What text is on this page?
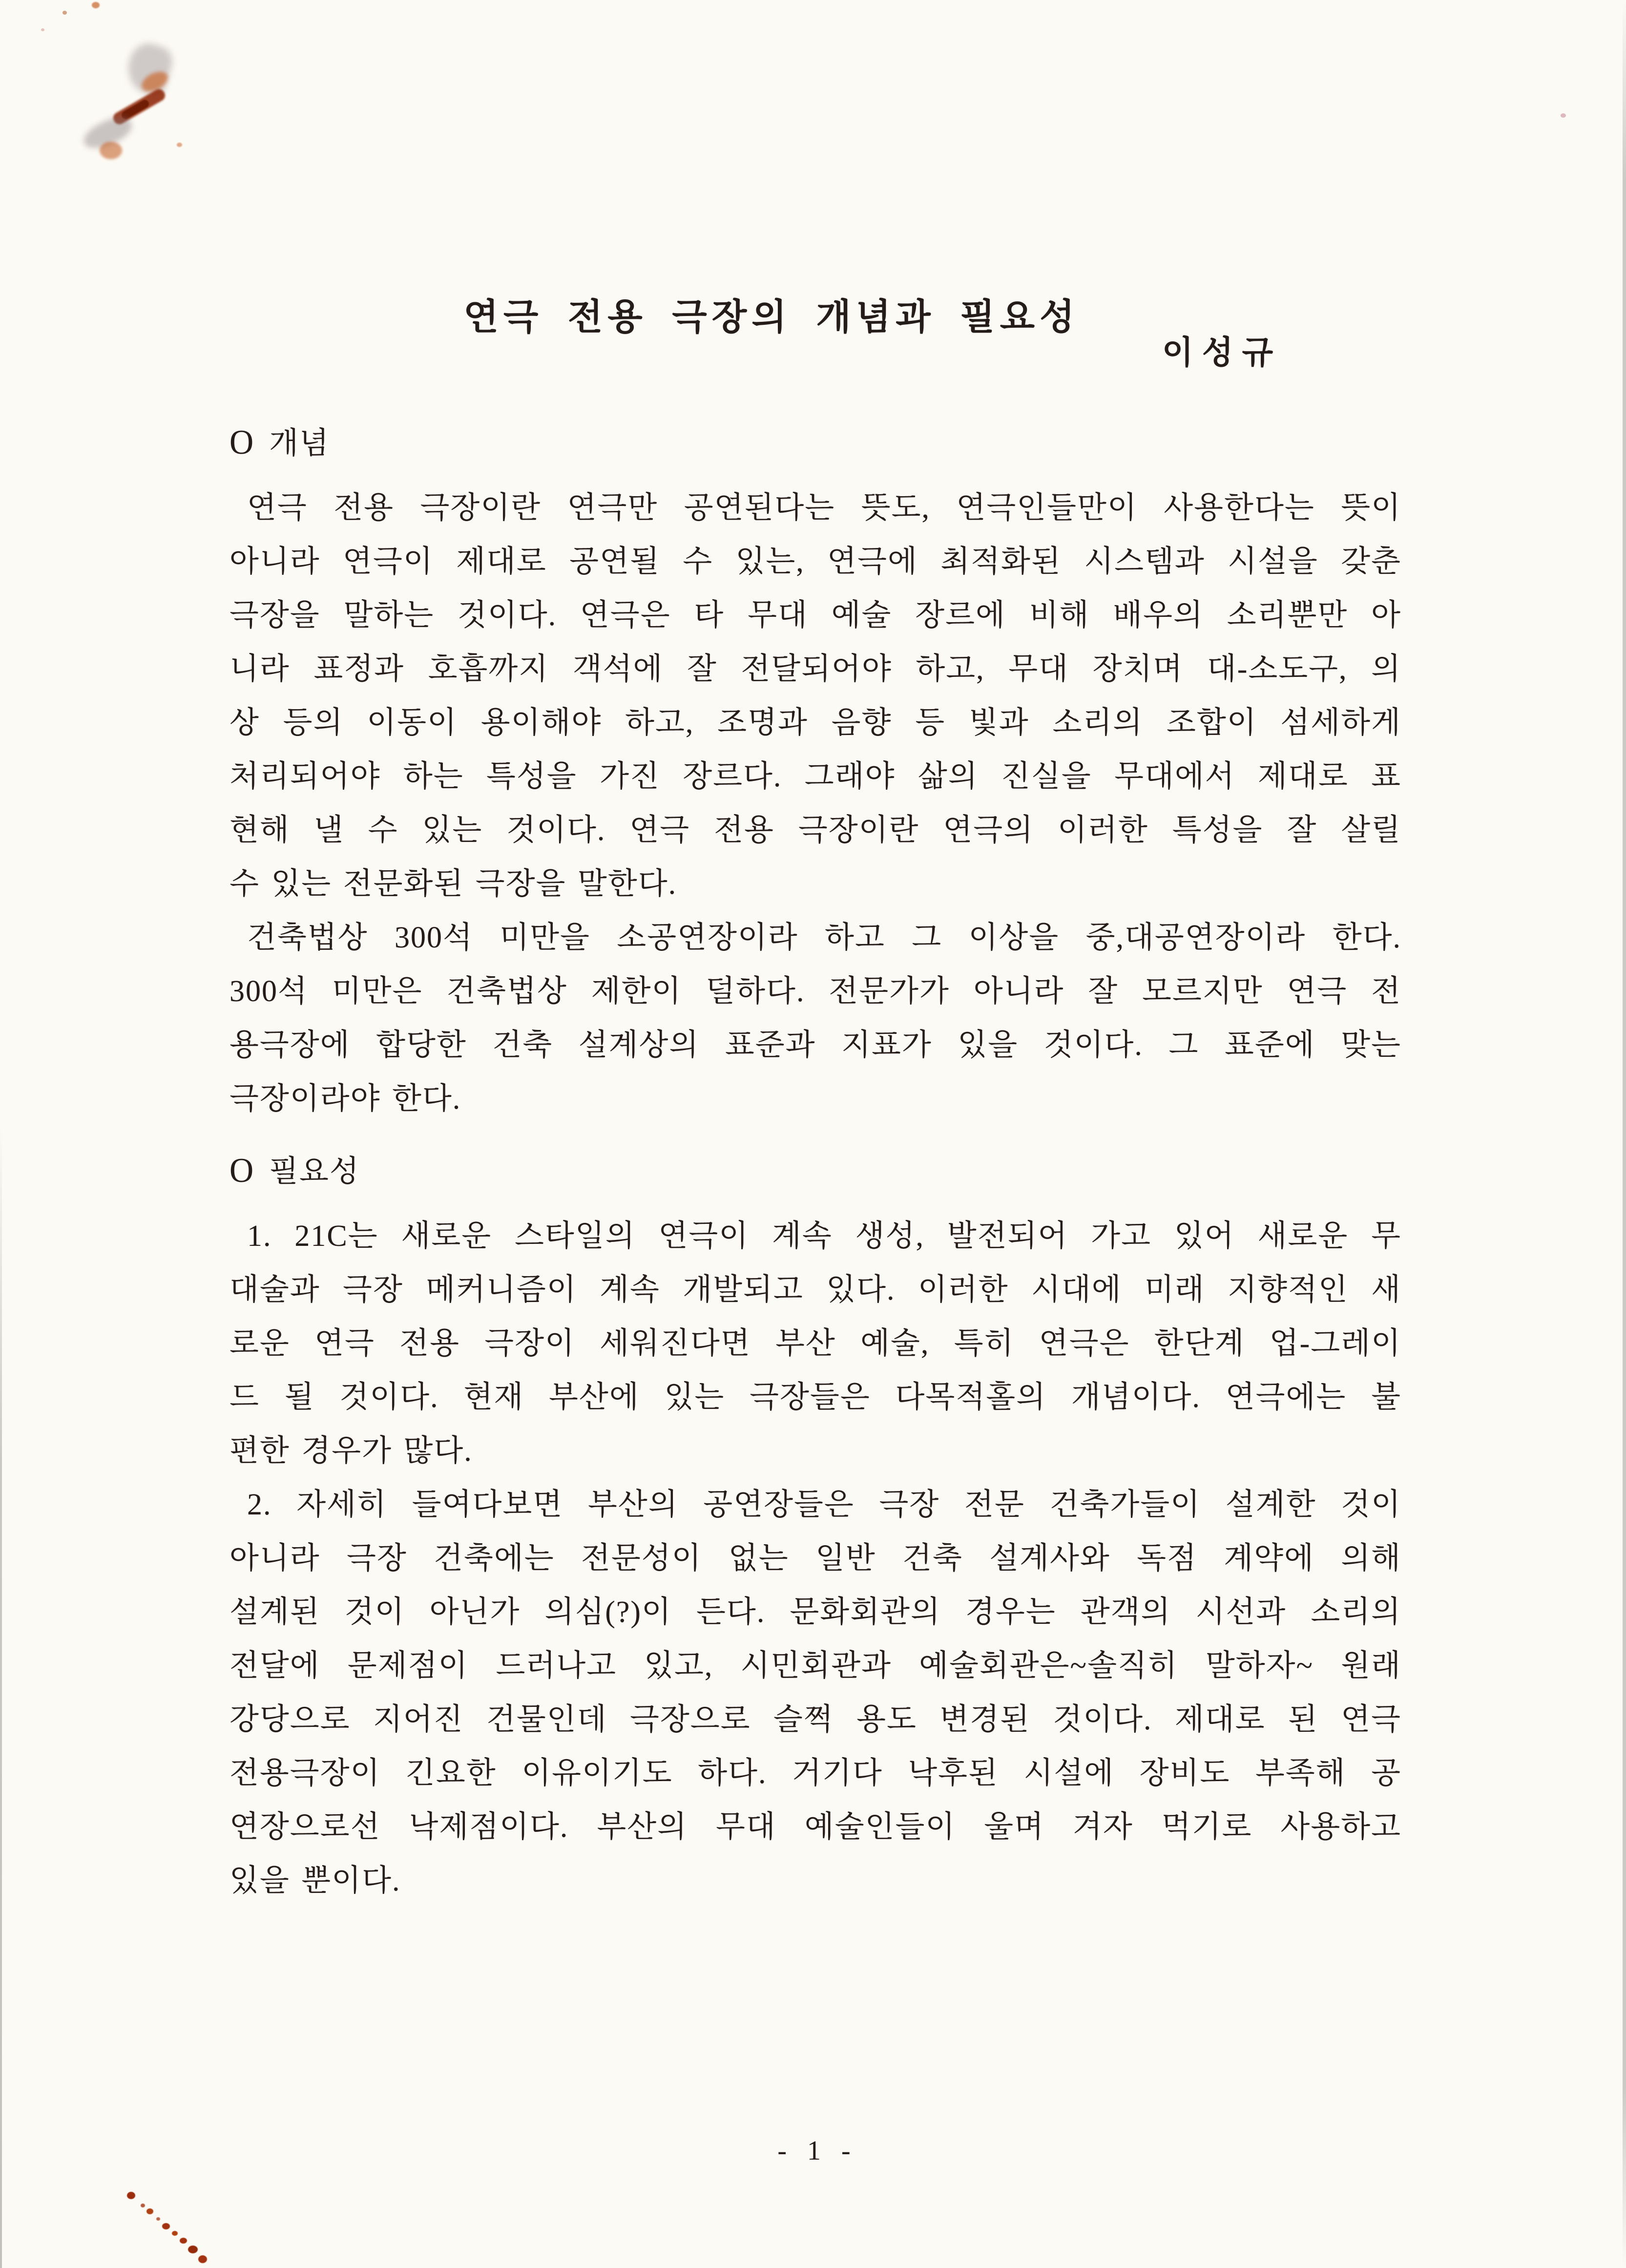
연극 전용 극장의 개념과 필요성
이성규
O 개념
연극 전용 극장이란 연극만 공연된다는 뜻도, 연극인들만이 사용한다는 뜻이
아니라 연극이 제대로 공연될 수 있는, 연극에 최적화된 시스템과 시설을 갖춘
극장을 말하는 것이다. 연극은 타 무대 예술 장르에 비해 배우의 소리뿐만 아
니라 표정과 호흡까지 객석에 잘 전달되어야 하고, 무대 장치며 대-소도구, 의
상 등의 이동이 용이해야 하고, 조명과 음향 등 빛과 소리의 조합이 섬세하게
처리되어야 하는 특성을 가진 장르다. 그래야 삶의 진실을 무대에서 제대로 표
현해 낼 수 있는 것이다. 연극 전용 극장이란 연극의 이러한 특성을 잘 살릴
수 있는 전문화된 극장을 말한다.
건축법상 300석 미만을 소공연장이라 하고 그 이상을 중,대공연장이라 한다.
300석 미만은 건축법상 제한이 덜하다. 전문가가 아니라 잘 모르지만 연극 전
용극장에 합당한 건축 설계상의 표준과 지표가 있을 것이다. 그 표준에 맞는
극장이라야 한다.
O 필요성
1. 21C는 새로운 스타일의 연극이 계속 생성, 발전되어 가고 있어 새로운 무
대술과 극장 메커니즘이 계속 개발되고 있다. 이러한 시대에 미래 지향적인 새
로운 연극 전용 극장이 세워진다면 부산 예술, 특히 연극은 한단계 업-그레이
드 될 것이다. 현재 부산에 있는 극장들은 다목적홀의 개념이다. 연극에는 불
편한 경우가 많다.
2. 자세히 들여다보면 부산의 공연장들은 극장 전문 건축가들이 설계한 것이
아니라 극장 건축에는 전문성이 없는 일반 건축 설계사와 독점 계약에 의해
설계된 것이 아닌가 의심(?)이 든다. 문화회관의 경우는 관객의 시선과 소리의
전달에 문제점이 드러나고 있고, 시민회관과 예술회관은~솔직히 말하자~ 원래
강당으로 지어진 건물인데 극장으로 슬쩍 용도 변경된 것이다. 제대로 된 연극
전용극장이 긴요한 이유이기도 하다. 거기다 낙후된 시설에 장비도 부족해 공
연장으로선 낙제점이다. 부산의 무대 예술인들이 울며 겨자 먹기로 사용하고
있을 뿐이다.
- 1 -
